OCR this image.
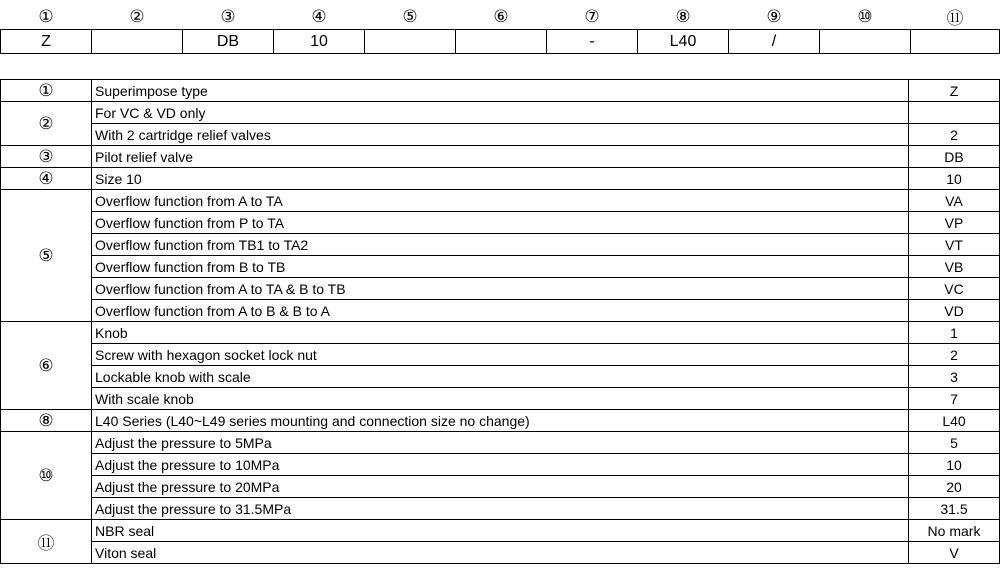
①	②	③	④	⑤	⑥	⑦	⑧	⑨	⑩	⑪
Z		DB	10			-	L40	/		
①	Superimpose type	Z
②	For VC & VD only	
	With 2 cartridge relief valves	2
③	Pilot relief valve	DB
④	Size 10	10
⑤	Overflow function from A to TA	VA
	Overflow function from P to TA	VP
	Overflow function from TB1 to TA2	VT
	Overflow function from B to TB	VB
	Overflow function from A to TA & B to TB	VC
	Overflow function from A to B & B to A	VD
⑥	Knob	1
	Screw with hexagon socket lock nut	2
	Lockable knob with scale	3
	With scale knob	7
⑧	L40 Series (L40~L49 series mounting and connection size no change)	L40
⑩	Adjust the pressure to 5MPa	5
	Adjust the pressure to 10MPa	10
	Adjust the pressure to 20MPa	20
	Adjust the pressure to 31.5MPa	31.5
⑪	NBR seal	No mark
	Viton seal	V
